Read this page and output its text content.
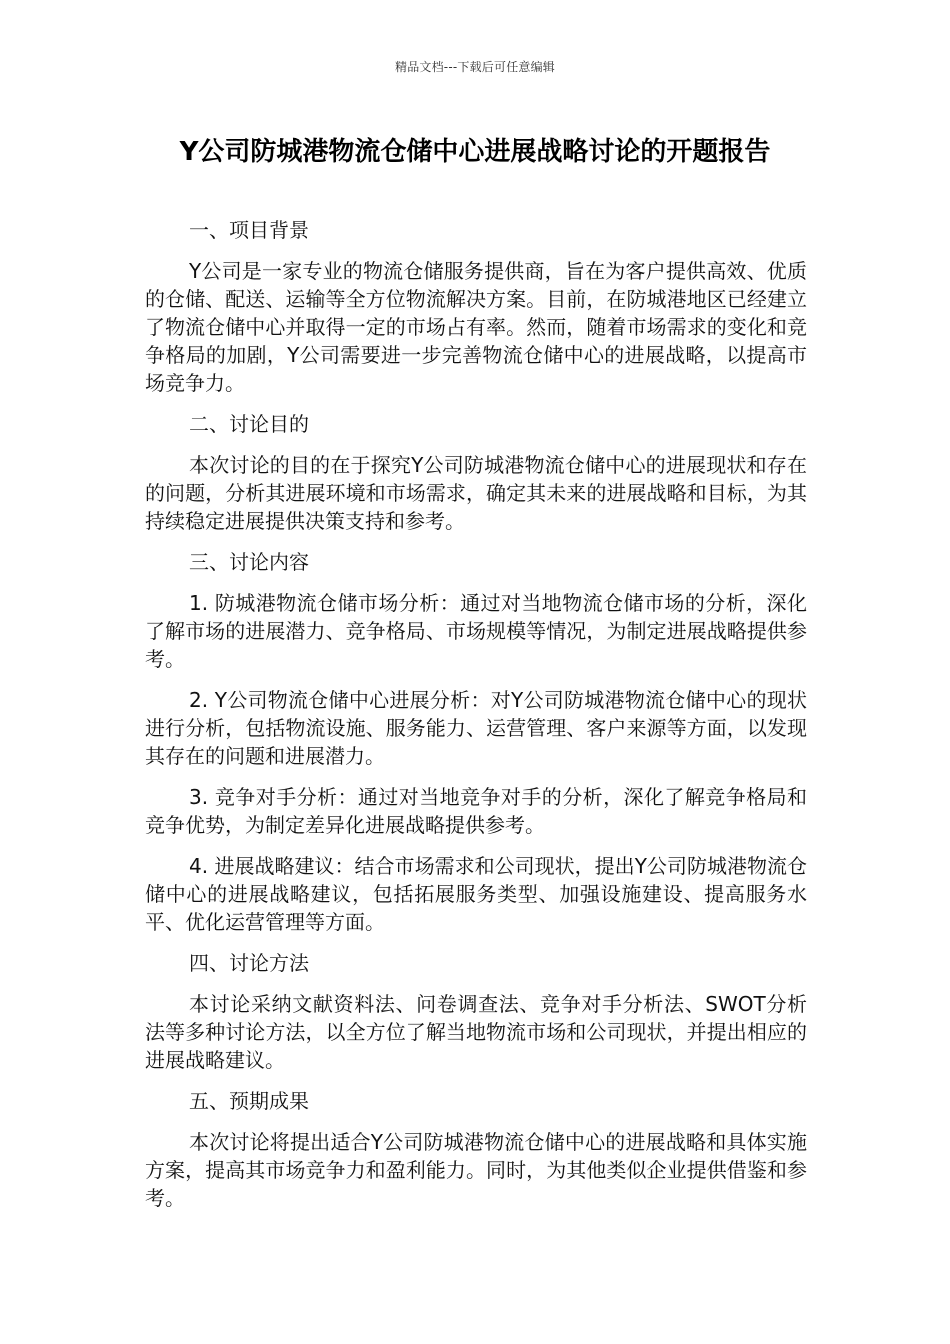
精品文档---下载后可任意编辑
Y公司防城港物流仓储中心进展战略讨论的开题报告

一、项目背景

Y公司是一家专业的物流仓储服务提供商，旨在为客户提供高效、优质的仓储、配送、运输等全方位物流解决方案。目前，在防城港地区已经建立了物流仓储中心并取得一定的市场占有率。然而，随着市场需求的变化和竞争格局的加剧，Y公司需要进一步完善物流仓储中心的进展战略，以提高市场竞争力。

二、讨论目的

本次讨论的目的在于探究Y公司防城港物流仓储中心的进展现状和存在的问题，分析其进展环境和市场需求，确定其未来的进展战略和目标，为其持续稳定进展提供决策支持和参考。

三、讨论内容

1. 防城港物流仓储市场分析：通过对当地物流仓储市场的分析，深化了解市场的进展潜力、竞争格局、市场规模等情况，为制定进展战略提供参考。

2. Y公司物流仓储中心进展分析：对Y公司防城港物流仓储中心的现状进行分析，包括物流设施、服务能力、运营管理、客户来源等方面，以发现其存在的问题和进展潜力。

3. 竞争对手分析：通过对当地竞争对手的分析，深化了解竞争格局和竞争优势，为制定差异化进展战略提供参考。

4. 进展战略建议：结合市场需求和公司现状，提出Y公司防城港物流仓储中心的进展战略建议，包括拓展服务类型、加强设施建设、提高服务水平、优化运营管理等方面。

四、讨论方法

本讨论采纳文献资料法、问卷调查法、竞争对手分析法、SWOT分析法等多种讨论方法，以全方位了解当地物流市场和公司现状，并提出相应的进展战略建议。

五、预期成果

本次讨论将提出适合Y公司防城港物流仓储中心的进展战略和具体实施方案，提高其市场竞争力和盈利能力。同时，为其他类似企业提供借鉴和参考。
